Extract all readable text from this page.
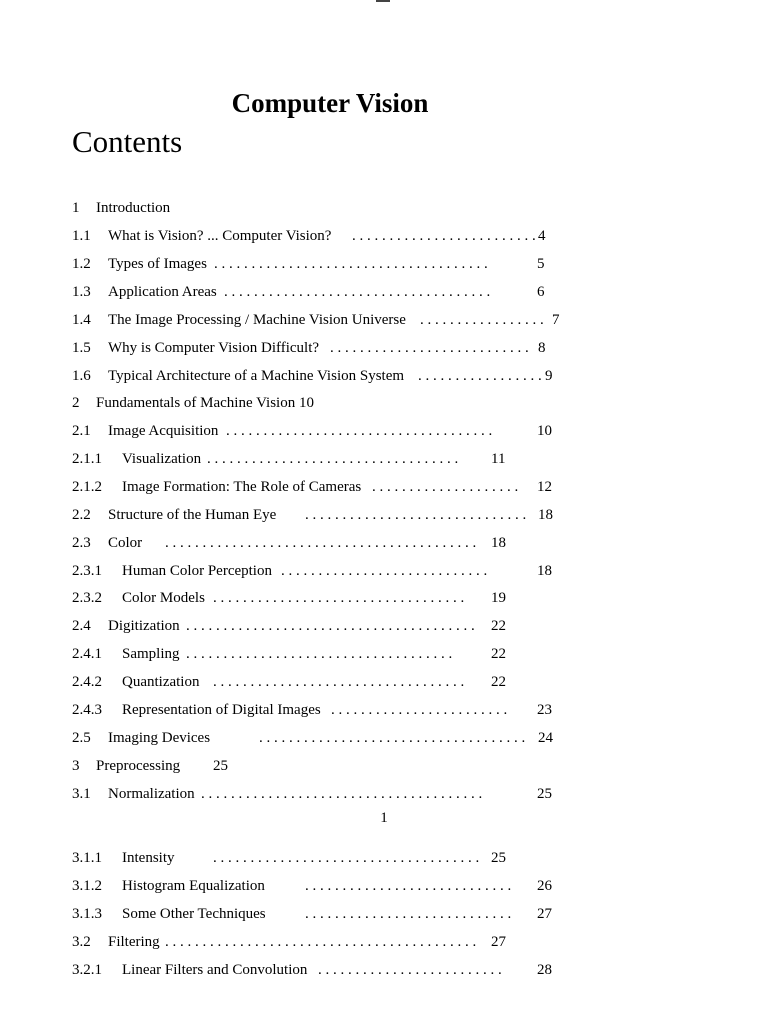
Computer Vision
Contents
1 Introduction
1.1 What is Vision? ... Computer Vision? . . . . . . . . . . . . . . . . . . . . . . . . . 4
1.2 Types of Images . . . . . . . . . . . . . . . . . . . . . . . . . . . . . . . . . . . . .	5
1.3 Application Areas . . . . . . . . . . . . . . . . . . . . . . . . . . . . . . . . . . . .	6
1.4 The Image Processing / Machine Vision Universe . . . . . . . . . . . . . . . . . 7
1.5 Why is Computer Vision Difficult? . . . . . . . . . . . . . . . . . . . . . . . . . . . 8
1.6 Typical Architecture of a Machine Vision System . . . . . . . . . . . . . . . . . 9
2 Fundamentals of Machine Vision 10
2.1 Image Acquisition . . . . . . . . . . . . . . . . . . . . . . . . . . . . . . . . . . . .	10
2.1.1 Visualization . . . . . . . . . . . . . . . . . . . . . . . . . . . . . . . . . . 11
2.1.2 Image Formation: The Role of Cameras . . . . . . . . . . . . . . . . . . . . 12
2.2 Structure of the Human Eye . . . . . . . . . . . . . . . . . . . . . . . . . . . . . . 18
2.3 Color . . . . . . . . . . . . . . . . . . . . . . . . . . . . . . . . . . . . . . . . . . 18
2.3.1 Human Color Perception . . . . . . . . . . . . . . . . . . . . . . . . . . . .	18
2.3.2 Color Models . . . . . . . . . . . . . . . . . . . . . . . . . . . . . . . . . . 19
2.4 Digitization . . . . . . . . . . . . . . . . . . . . . . . . . . . . . . . . . . . . . . . 22
2.4.1 Sampling . . . . . . . . . . . . . . . . . . . . . . . . . . . . . . . . . . . .	22
2.4.2 Quantization . . . . . . . . . . . . . . . . . . . . . . . . . . . . . . . . . . 22
2.4.3 Representation of Digital Images . . . . . . . . . . . . . . . . . . . . . . . . 23
2.5 Imaging Devices	. . . . . . . . . . . . . . . . . . . . . . . . . . . . . . . . . . . . 24
3 Preprocessing 25
3.1 Normalization . . . . . . . . . . . . . . . . . . . . . . . . . . . . . . . . . . . . . .	25
3.1.1 Intensity	. . . . . . . . . . . . . . . . . . . . . . . . . . . . . . . . . . . . 25
3.1.2 Histogram Equalization	. . . . . . . . . . . . . . . . . . . . . . . . . . . . 26
3.1.3 Some Other Techniques	. . . . . . . . . . . . . . . . . . . . . . . . . . . . 27
3.2 Filtering . . . . . . . . . . . . . . . . . . . . . . . . . . . . . . . . . . . . . . . . . . 27
3.2.1 Linear Filters and Convolution . . . . . . . . . . . . . . . . . . . . . . . . . 28
1
